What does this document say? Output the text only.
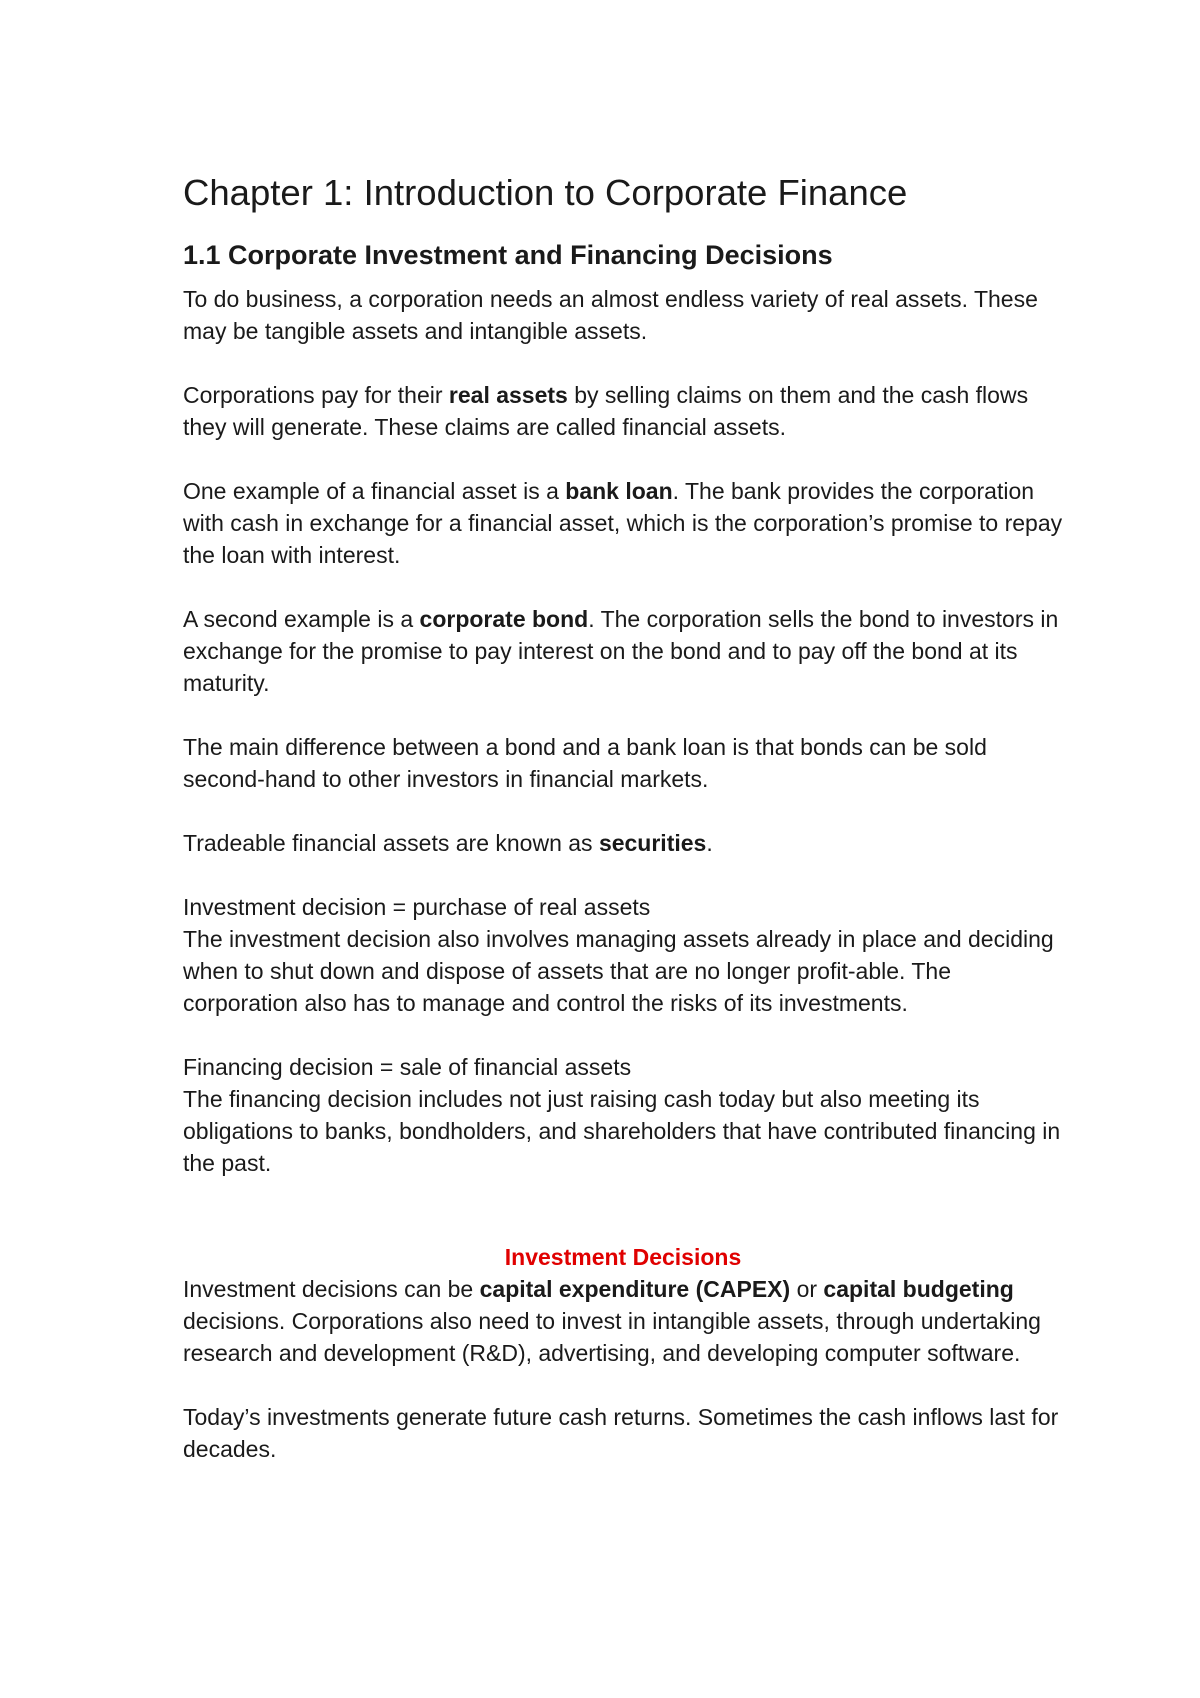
Chapter 1: Introduction to Corporate Finance
1.1 Corporate Investment and Financing Decisions

To do business, a corporation needs an almost endless variety of real assets. These may be tangible assets and intangible assets.

Corporations pay for their real assets by selling claims on them and the cash flows they will generate. These claims are called financial assets.

One example of a financial asset is a bank loan. The bank provides the corporation with cash in exchange for a financial asset, which is the corporation’s promise to repay the loan with interest.

A second example is a corporate bond. The corporation sells the bond to investors in exchange for the promise to pay interest on the bond and to pay off the bond at its maturity.

The main difference between a bond and a bank loan is that bonds can be sold second-hand to other investors in financial markets.

Tradeable financial assets are known as securities.

Investment decision = purchase of real assets
The investment decision also involves managing assets already in place and deciding when to shut down and dispose of assets that are no longer profit-able. The corporation also has to manage and control the risks of its investments.
Financing decision = sale of financial assets
The financing decision includes not just raising cash today but also meeting its obligations to banks, bondholders, and shareholders that have contributed financing in the past.
Investment Decisions

Investment decisions can be capital expenditure (CAPEX) or capital budgeting decisions. Corporations also need to invest in intangible assets, through undertaking research and development (R&D), advertising, and developing computer software.

Today’s investments generate future cash returns. Sometimes the cash inflows last for decades.
